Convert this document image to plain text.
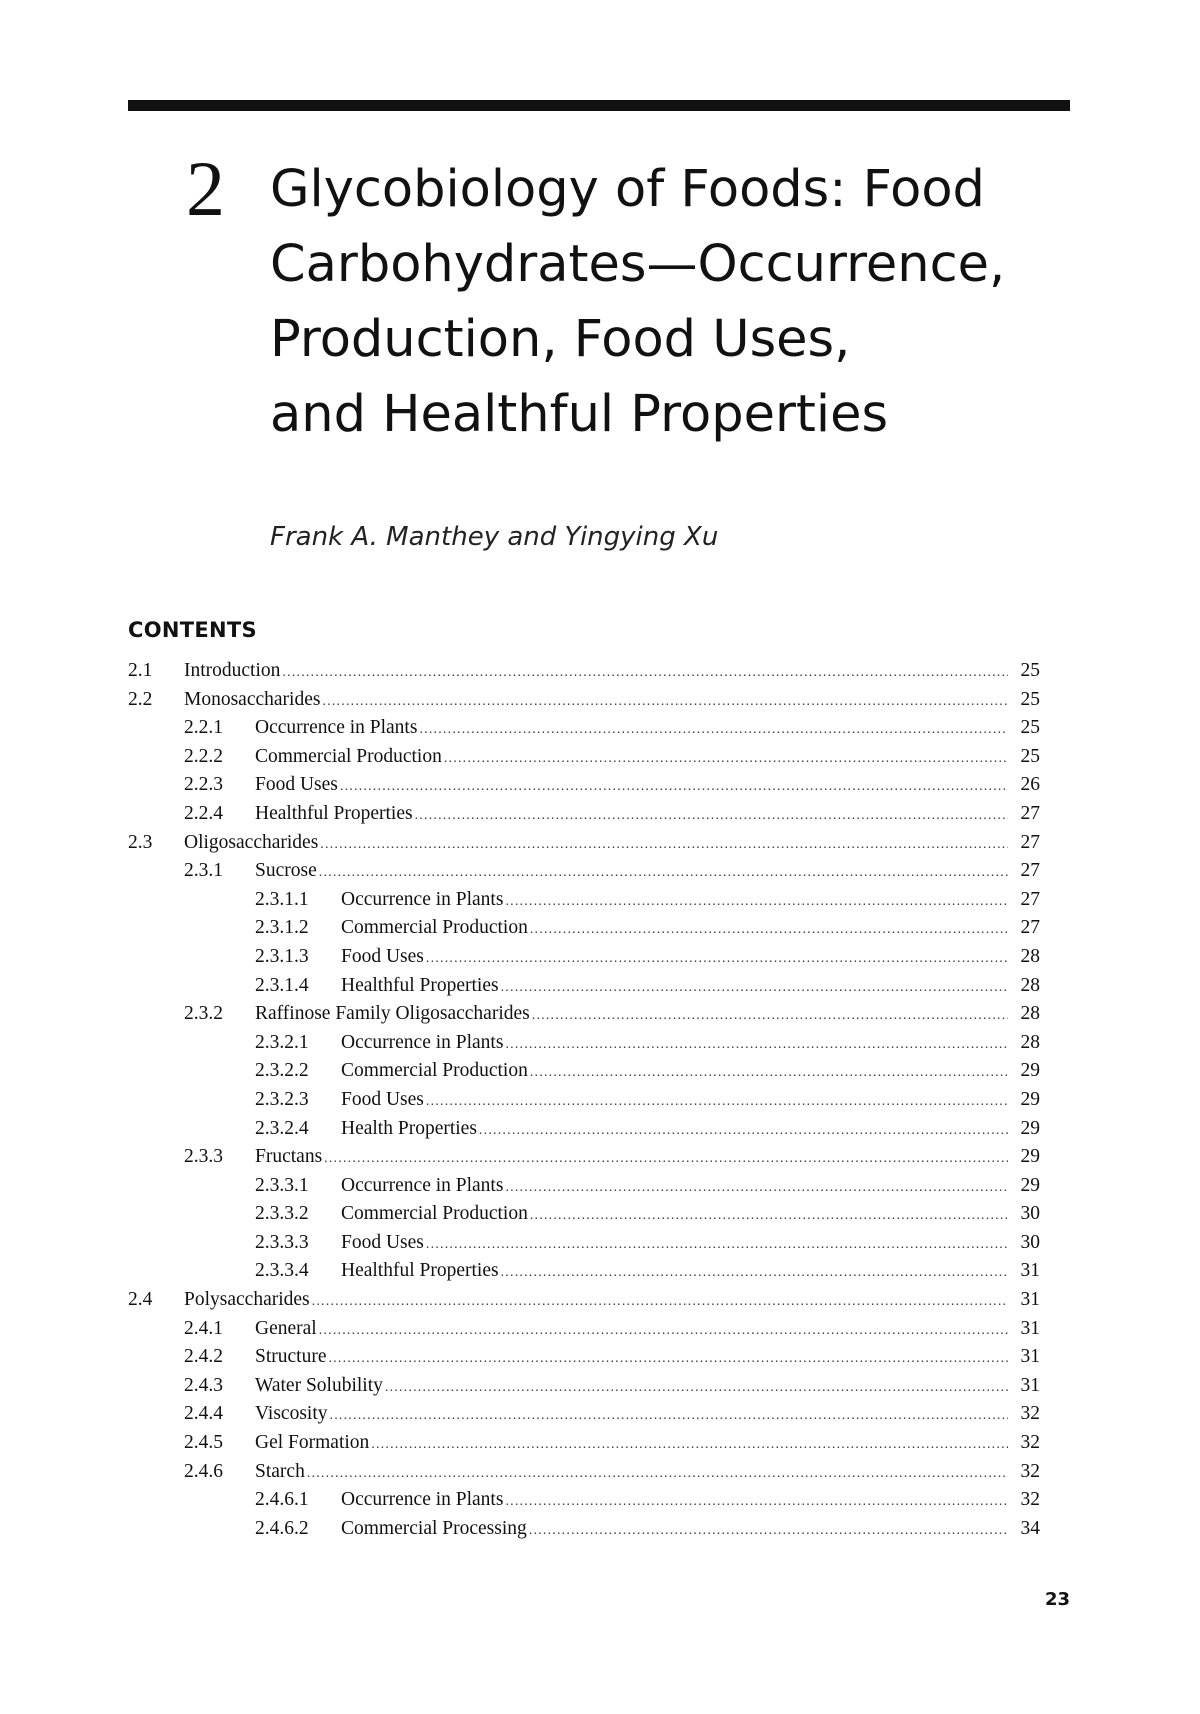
2 Glycobiology of Foods: Food
Carbohydrates—Occurrence,
Production, Food Uses,
and Healthful Properties
Frank A. Manthey and Yingying Xu
CONTENTS
2.1	Introduction .....	25
2.2	Monosaccharides .....	25
2.2.1	Occurrence in Plants .....	25
2.2.2	Commercial Production .....	25
2.2.3	Food Uses .....	26
2.2.4	Healthful Properties .....	27
2.3	Oligosaccharides .....	27
2.3.1	Sucrose .....	27
2.3.1.1	Occurrence in Plants .....	27
2.3.1.2	Commercial Production .....	27
2.3.1.3	Food Uses .....	28
2.3.1.4	Healthful Properties .....	28
2.3.2	Raffinose Family Oligosaccharides .....	28
2.3.2.1	Occurrence in Plants .....	28
2.3.2.2	Commercial Production .....	29
2.3.2.3	Food Uses .....	29
2.3.2.4	Health Properties .....	29
2.3.3	Fructans .....	29
2.3.3.1	Occurrence in Plants .....	29
2.3.3.2	Commercial Production .....	30
2.3.3.3	Food Uses .....	30
2.3.3.4	Healthful Properties .....	31
2.4	Polysaccharides .....	31
2.4.1	General .....	31
2.4.2	Structure .....	31
2.4.3	Water Solubility .....	31
2.4.4	Viscosity .....	32
2.4.5	Gel Formation .....	32
2.4.6	Starch .....	32
2.4.6.1	Occurrence in Plants .....	32
2.4.6.2	Commercial Processing .....	34
23
